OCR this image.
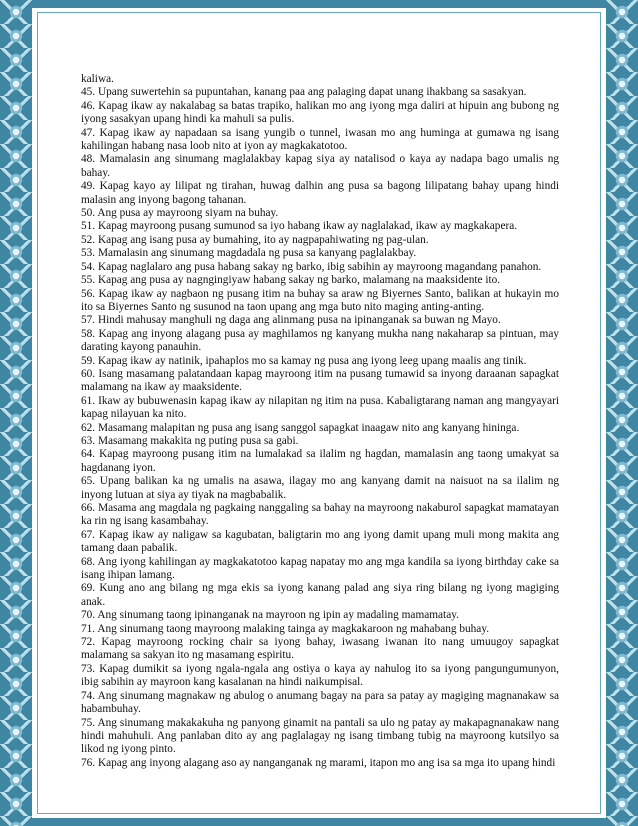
kaliwa.

45. Upang suwertehin sa pupuntahan, kanang paa ang palaging dapat unang ihakbang sa sasakyan.

46. Kapag ikaw ay nakalabag sa batas trapiko, halikan mo ang iyong mga daliri at hipuin ang bubong ng iyong sasakyan upang hindi ka mahuli sa pulis.

47. Kapag ikaw ay napadaan sa isang yungib o tunnel, iwasan mo ang huminga at gumawa ng isang kahilingan habang nasa loob nito at iyon ay magkakatotoo.

48. Mamalasin ang sinumang maglalakbay kapag siya ay natalisod o kaya ay nadapa bago umalis ng bahay.

49. Kapag kayo ay lilipat ng tirahan, huwag dalhin ang pusa sa bagong lilipatang bahay upang hindi malasin ang inyong bagong tahanan.

50. Ang pusa ay mayroong siyam na buhay.

51. Kapag mayroong pusang sumunod sa iyo habang ikaw ay naglalakad, ikaw ay magkakapera.

52. Kapag ang isang pusa ay bumahing, ito ay nagpapahiwating ng pag-ulan.

53. Mamalasin ang sinumang magdadala ng pusa sa kanyang paglalakbay.

54. Kapag naglalaro ang pusa habang sakay ng barko, ibig sabihin ay mayroong magandang panahon.

55. Kapag ang pusa ay nagngingiyaw habang sakay ng barko, malamang na maaksidente ito.

56. Kapag ikaw ay nagbaon ng pusang itim na buhay sa araw ng Biyernes Santo, balikan at hukayin mo ito sa Biyernes Santo ng susunod na taon upang ang mga buto nito maging anting-anting.

57. Hindi mahusay manghuli ng daga ang alinmang pusa na ipinanganak sa buwan ng Mayo.

58. Kapag ang inyong alagang pusa ay maghilamos ng kanyang mukha nang nakaharap sa pintuan, may darating kayong panauhin.

59. Kapag ikaw ay natinik, ipahaplos mo sa kamay ng pusa ang iyong leeg upang maalis ang tinik.

60. Isang masamang palatandaan kapag mayroong itim na pusang tumawid sa inyong daraanan sapagkat malamang na ikaw ay maaksidente.

61. Ikaw ay bubuwenasin kapag ikaw ay nilapitan ng itim na pusa. Kabaligtarang naman ang mangyayari kapag nilayuan ka nito.

62. Masamang malapitan ng pusa ang isang sanggol sapagkat inaagaw nito ang kanyang hininga.

63. Masamang makakita ng puting pusa sa gabi.

64. Kapag mayroong pusang itim na lumalakad sa ilalim ng hagdan, mamalasin ang taong umakyat sa hagdanang iyon.

65. Upang balikan ka ng umalis na asawa, ilagay mo ang kanyang damit na naisuot na sa ilalim ng inyong lutuan at siya ay tiyak na magbabalik.

66. Masama ang magdala ng pagkaing nanggaling sa bahay na mayroong nakaburol sapagkat mamatayan ka rin ng isang kasambahay.

67. Kapag ikaw ay naligaw sa kagubatan, baligtarin mo ang iyong damit upang muli mong makita ang tamang daan pabalik.

68. Ang iyong kahilingan ay magkakatotoo kapag napatay mo ang mga kandila sa iyong birthday cake sa isang ihipan lamang.

69. Kung ano ang bilang ng mga ekis sa iyong kanang palad ang siya ring bilang ng iyong magiging anak.

70. Ang sinumang taong ipinanganak na mayroon ng ipin ay madaling mamamatay.

71. Ang sinumang taong mayroong malaking tainga ay magkakaroon ng mahabang buhay.

72. Kapag mayroong rocking chair sa iyong bahay, iwasang iwanan ito nang umuugoy sapagkat malamang sa sakyan ito ng masamang espiritu.

73. Kapag dumikit sa iyong ngala-ngala ang ostiya o kaya ay nahulog ito sa iyong pangungumunyon, ibig sabihin ay mayroon kang kasalanan na hindi naikumpisal.

74. Ang sinumang magnakaw ng abulog o anumang bagay na para sa patay ay magiging magnanakaw sa habambuhay.

75. Ang sinumang makakakuha ng panyong ginamit na pantali sa ulo ng patay ay makapagnanakaw nang hindi mahuhuli. Ang panlaban dito ay ang paglalagay ng isang timbang tubig na mayroong kutsilyo sa likod ng iyong pinto.

76. Kapag ang inyong alagang aso ay nanganganak ng marami, itapon mo ang isa sa mga ito upang hindi
